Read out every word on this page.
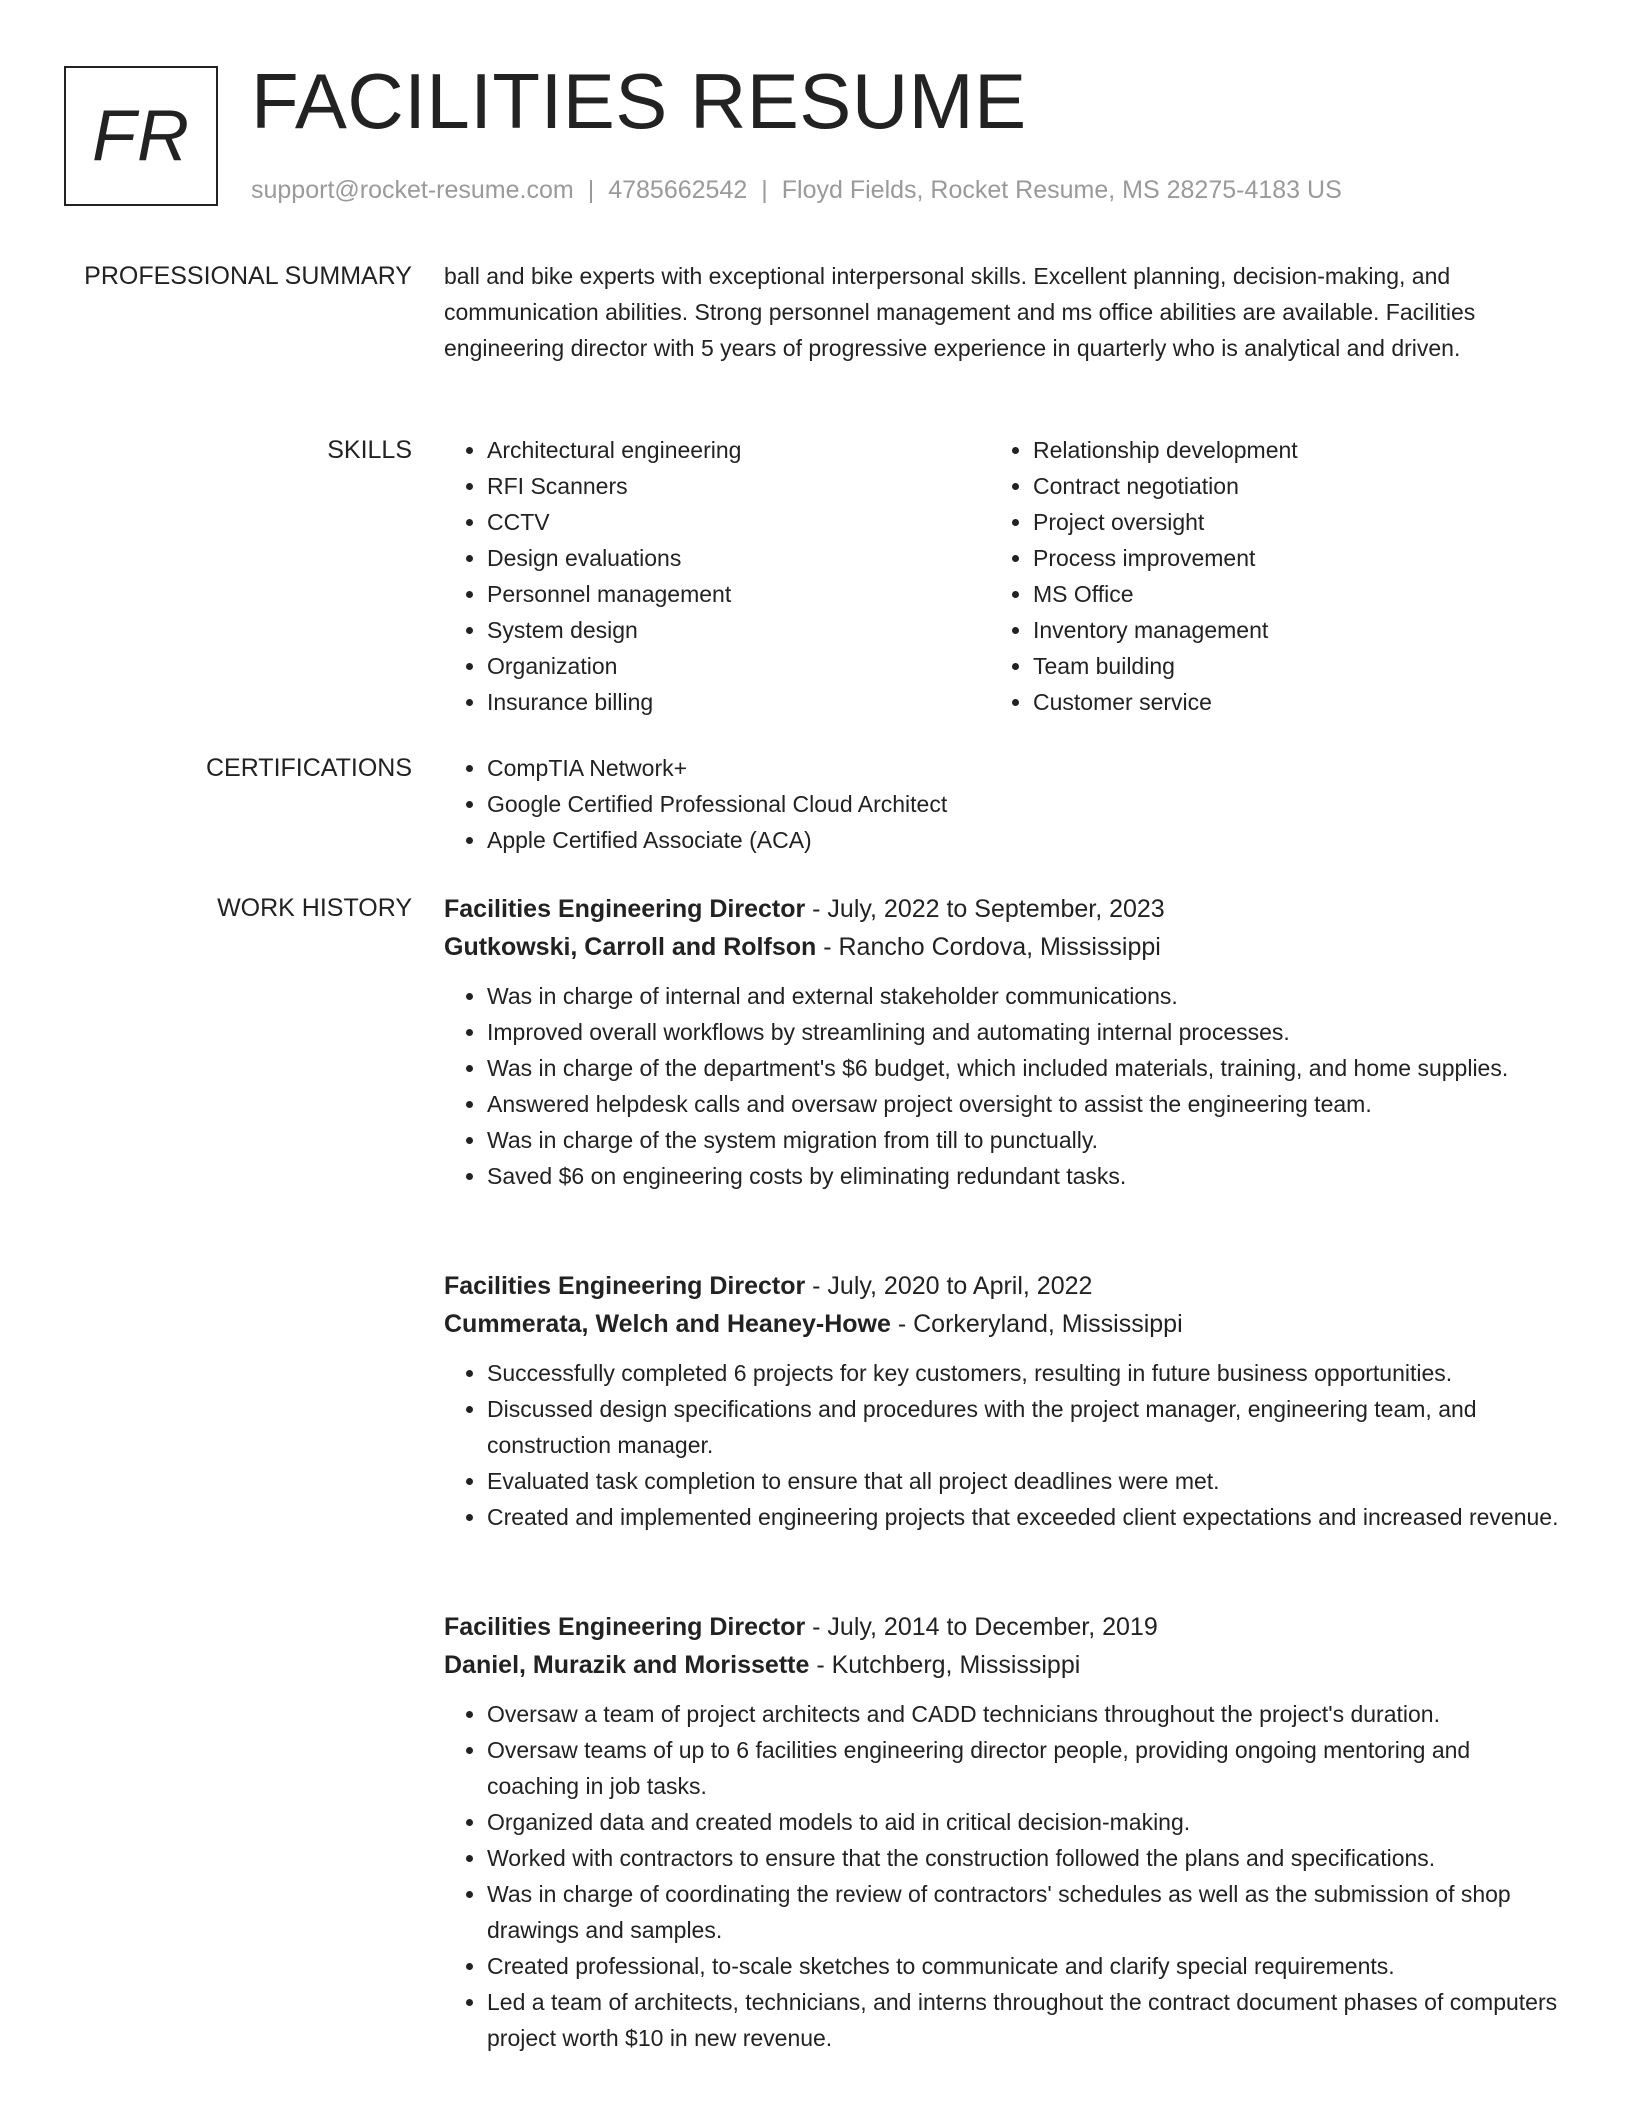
FR FACILITIES RESUME
support@rocket-resume.com | 4785662542 | Floyd Fields, Rocket Resume, MS 28275-4183 US
PROFESSIONAL SUMMARY ball and bike experts with exceptional interpersonal skills. Excellent planning, decision-making, and communication abilities. Strong personnel management and ms office abilities are available. Facilities engineering director with 5 years of progressive experience in quarterly who is analytical and driven.
SKILLS	• Architectural engineering
• RFI Scanners
• CCTV
• Design evaluations
• Personnel management
• System design
• Organization
• Insurance billing
• Relationship development
• Contract negotiation
• Project oversight
• Process improvement
• MS Office
• Inventory management
• Team building
• Customer service
CERTIFICATIONS	• CompTIA Network+
• Google Certified Professional Cloud Architect
• Apple Certified Associate (ACA)
WORK HISTORY Facilities Engineering Director - July, 2022 to September, 2023
Gutkowski, Carroll and Rolfson - Rancho Cordova, Mississippi
• Was in charge of internal and external stakeholder communications.
• Improved overall workflows by streamlining and automating internal processes.
• Was in charge of the department's $6 budget, which included materials, training, and home supplies.
• Answered helpdesk calls and oversaw project oversight to assist the engineering team.
• Was in charge of the system migration from till to punctually.
• Saved $6 on engineering costs by eliminating redundant tasks.
Facilities Engineering Director - July, 2020 to April, 2022
Cummerata, Welch and Heaney-Howe - Corkeryland, Mississippi
• Successfully completed 6 projects for key customers, resulting in future business opportunities.
• Discussed design specifications and procedures with the project manager, engineering team, and construction manager.
• Evaluated task completion to ensure that all project deadlines were met.
• Created and implemented engineering projects that exceeded client expectations and increased revenue.
Facilities Engineering Director - July, 2014 to December, 2019
Daniel, Murazik and Morissette - Kutchberg, Mississippi
• Oversaw a team of project architects and CADD technicians throughout the project's duration.
• Oversaw teams of up to 6 facilities engineering director people, providing ongoing mentoring and coaching in job tasks.
• Organized data and created models to aid in critical decision-making.
• Worked with contractors to ensure that the construction followed the plans and specifications.
• Was in charge of coordinating the review of contractors' schedules as well as the submission of shop drawings and samples.
• Created professional, to-scale sketches to communicate and clarify special requirements.
• Led a team of architects, technicians, and interns throughout the contract document phases of computers project worth $10 in new revenue.
